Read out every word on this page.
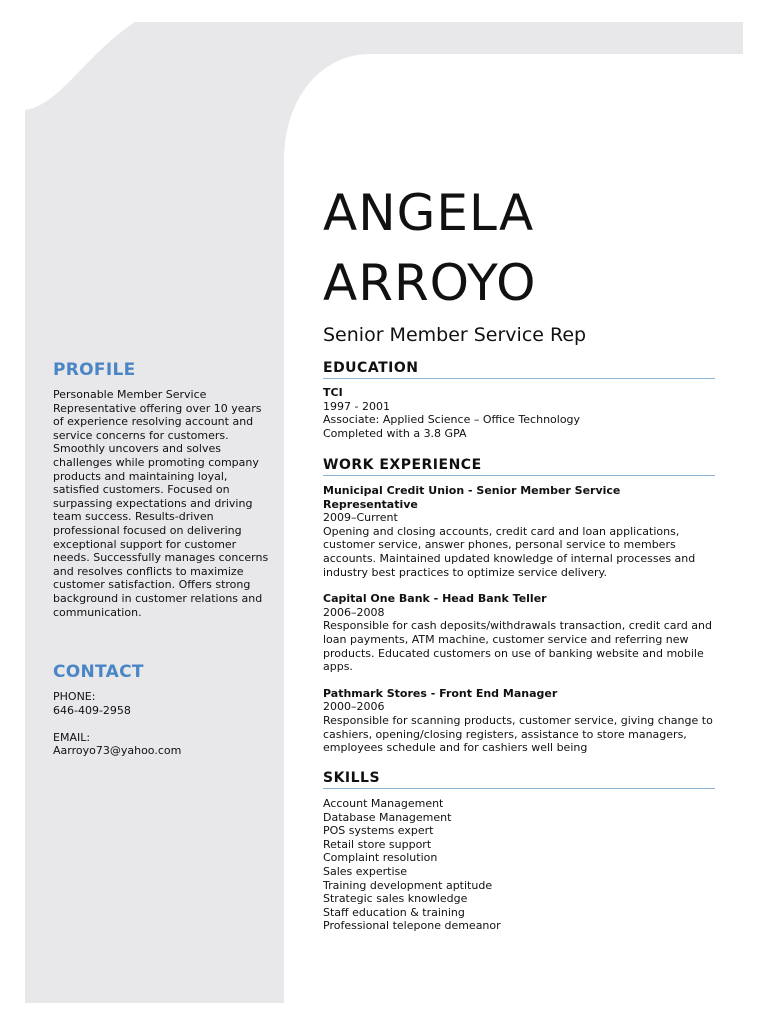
PROFILE

Personable Member Service Representative offering over 10 years of experience resolving account and service concerns for customers. Smoothly uncovers and solves challenges while promoting company products and maintaining loyal, satisfied customers. Focused on surpassing expectations and driving team success. Results-driven professional focused on delivering exceptional support for customer needs. Successfully manages concerns and resolves conflicts to maximize customer satisfaction. Offers strong background in customer relations and communication.

CONTACT

PHONE:

646-409-2958

EMAIL:

Aarroyo73@yahoo.com

ANGELA
ARROYO

Senior Member Service Rep

EDUCATION

TCI

1997 - 2001

Associate: Applied Science – Office Technology

Completed with a 3.8 GPA

WORK EXPERIENCE

Municipal Credit Union - Senior Member Service Representative

2009–Current

Opening and closing accounts, credit card and loan applications, customer service, answer phones, personal service to members accounts. Maintained updated knowledge of internal processes and industry best practices to optimize service delivery.

Capital One Bank - Head Bank Teller

2006–2008

Responsible for cash deposits/withdrawals transaction, credit card and loan payments, ATM machine, customer service and referring new products. Educated customers on use of banking website and mobile apps.

Pathmark Stores - Front End Manager

2000–2006

Responsible for scanning products, customer service, giving change to cashiers, opening/closing registers, assistance to store managers, employees schedule and for cashiers well being

SKILLS
Account Management
Database Management
POS systems expert
Retail store support
Complaint resolution
Sales expertise
Training development aptitude
Strategic sales knowledge
Staff education & training
Professional telepone demeanor
